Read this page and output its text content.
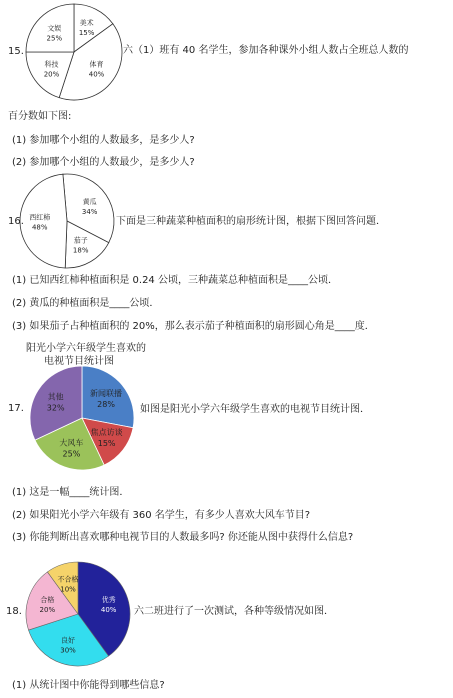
美术
15%
体育
40%
科技
20%
文娱
25%
15.	六（1）班有 40 名学生，参加各种课外小组人数占全班总人数的
百分数如下图:
(1) 参加哪个小组的人数最多，是多少人?
(2) 参加哪个小组的人数最少，是多少人?
黄瓜
34%
茄子
18%
西红柿
48%
16.	下面是三种蔬菜种植面积的扇形统计图，根据下图回答问题．
(1) 已知西红柿种植面积是 0.24 公顷，三种蔬菜总种植面积是____公顷．
(2) 黄瓜的种植面积是____公顷．
(3) 如果茄子占种植面积的 20%，那么表示茄子种植面积的扇形圆心角是____度．
阳光小学六年级学生喜欢的
电视节目统计图
新闻联播
28%
焦点访谈
15%
大风车
25%
其他
32%
17.	如图是阳光小学六年级学生喜欢的电视节目统计图．
(1) 这是一幅____统计图．
(2) 如果阳光小学六年级有 360 名学生，有多少人喜欢大风车节目?
(3) 你能判断出喜欢哪种电视节目的人数最多吗? 你还能从图中获得什么信息?
优秀
40%
良好
30%
合格
20%
不合格
10%
18.	六二班进行了一次测试，各种等级情况如图．
(1) 从统计图中你能得到哪些信息?
